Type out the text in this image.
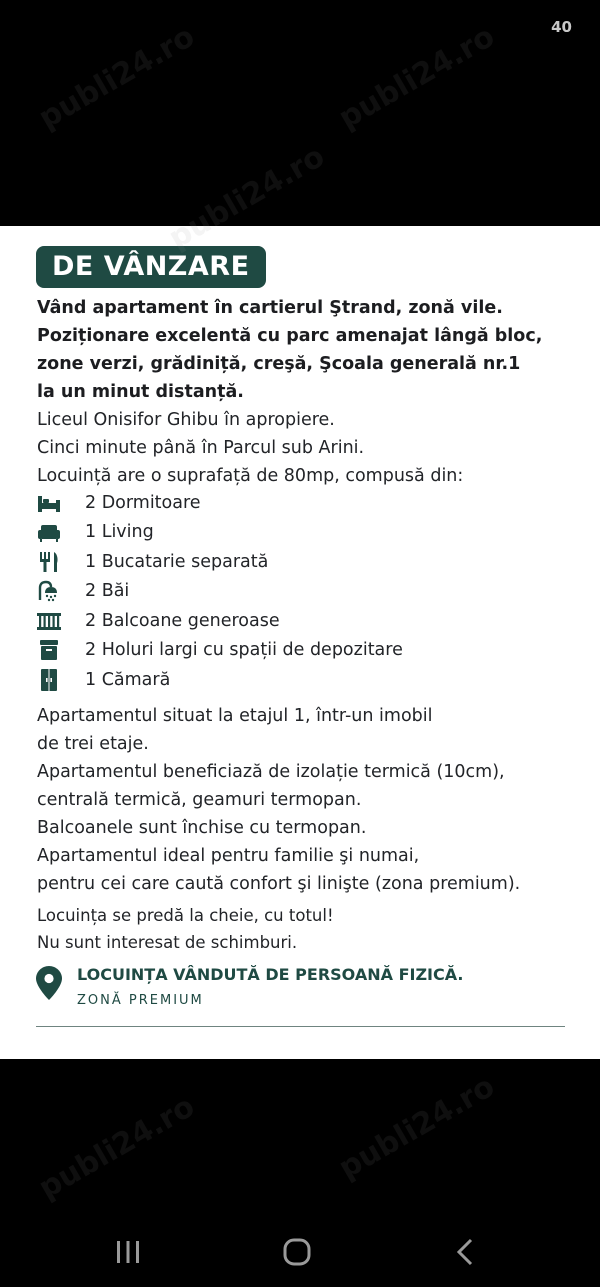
40
DE VÂNZARE
Vând apartament în cartierul Ştrand, zonă vile.
Poziționare excelentă cu parc amenajat lângă bloc,
zone verzi, grădiniță, creşă, Şcoala generală nr.1
la un minut distanță.
Liceul Onisifor Ghibu în apropiere.
Cinci minute până în Parcul sub Arini.
Locuință are o suprafață de 80mp, compusă din:
2 Dormitoare
1 Living
1 Bucatarie separată
2 Băi
2 Balcoane generoase
2 Holuri largi cu spații de depozitare
1 Cămară
Apartamentul situat la etajul 1, într-un imobil
de trei etaje.
Apartamentul beneficiază de izolație termică (10cm),
centrală termică, geamuri termopan.
Balcoanele sunt închise cu termopan.
Apartamentul ideal pentru familie şi numai,
pentru cei care caută confort şi linişte (zona premium).
Locuința se predă la cheie, cu totul!
Nu sunt interesat de schimburi.
LOCUINȚA VÂNDUTĂ DE PERSOANĂ FIZICĂ.
ZONĂ PREMIUM
publi24.ro	publi24.ro
publi24.ro
publi24.ro	publi24.ro
